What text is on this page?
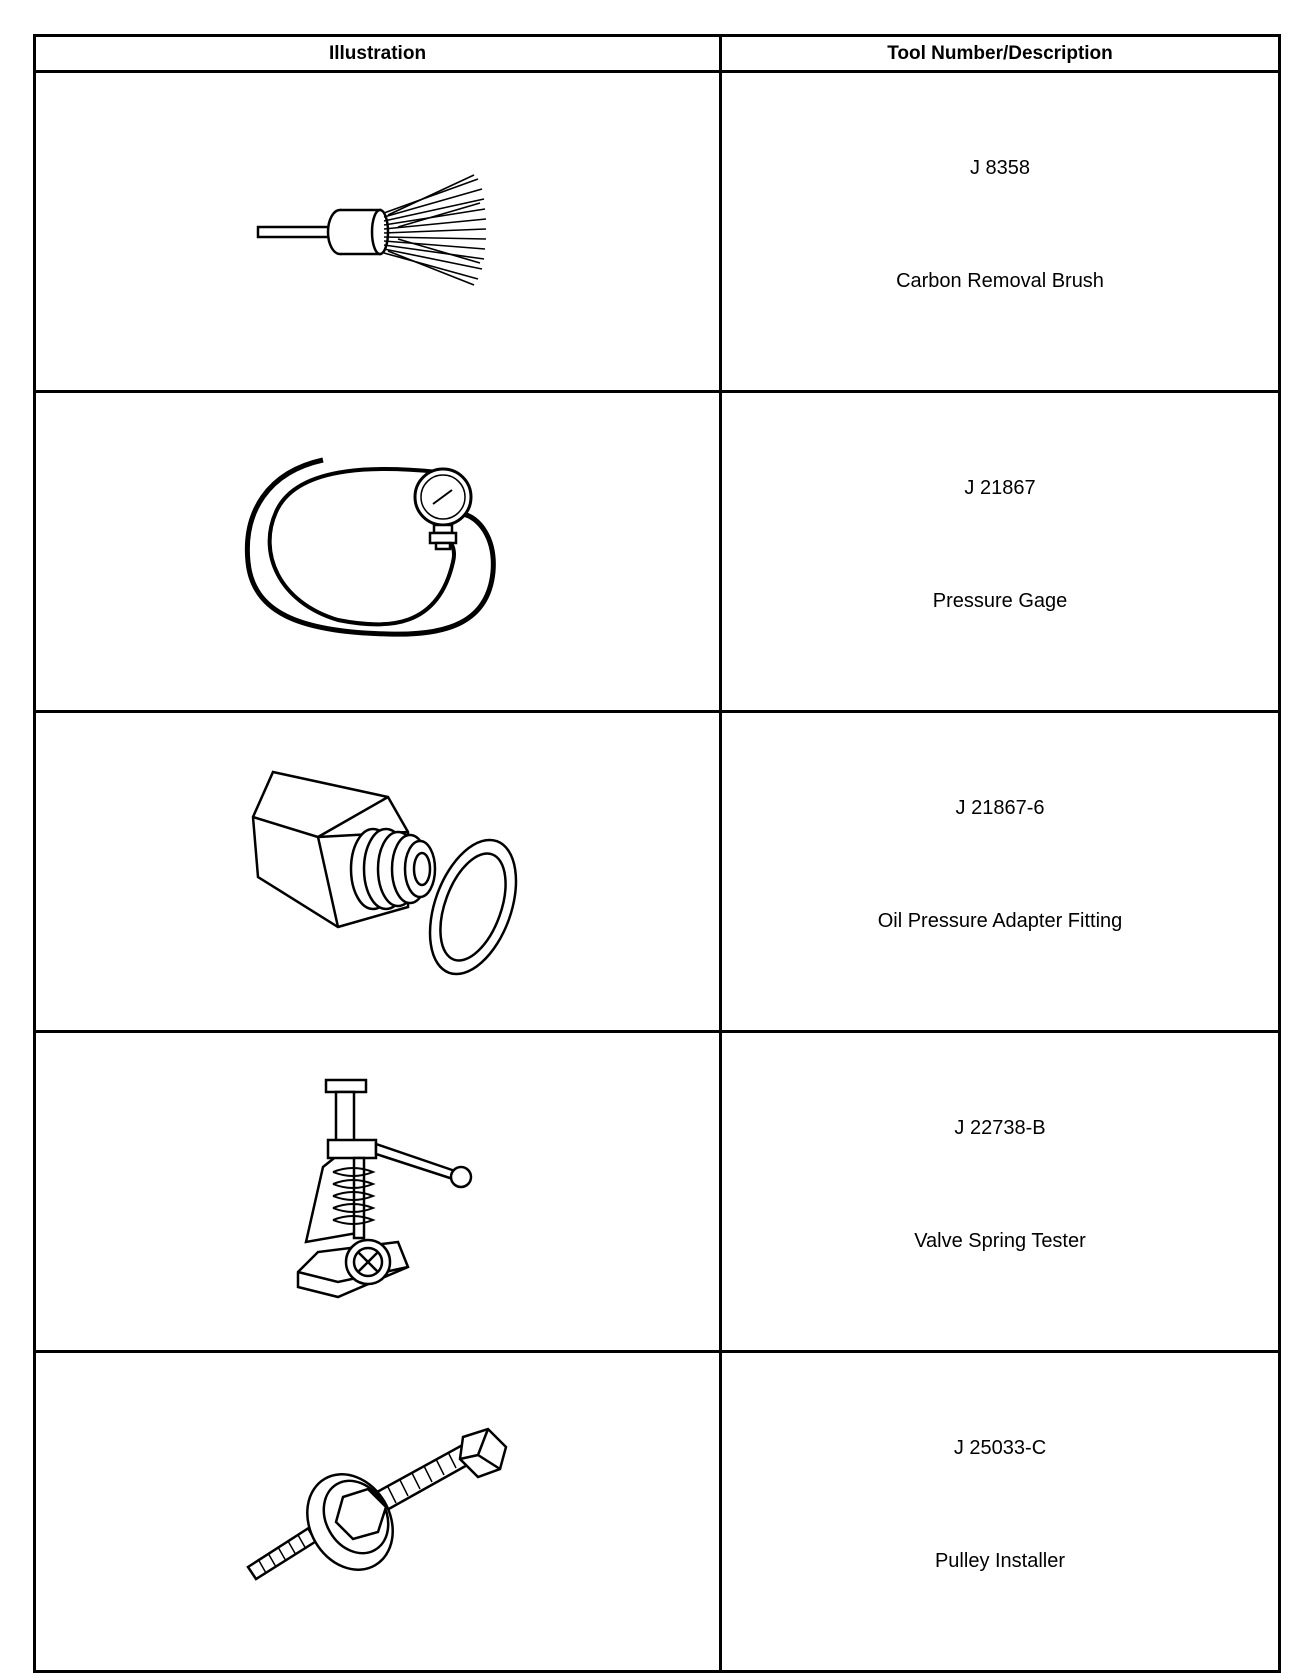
Illustration	Tool Number/Description

J 8358
Carbon Removal Brush

J 21867
Pressure Gage

J 21867-6
Oil Pressure Adapter Fitting

J 22738-B
Valve Spring Tester

J 25033-C
Pulley Installer
